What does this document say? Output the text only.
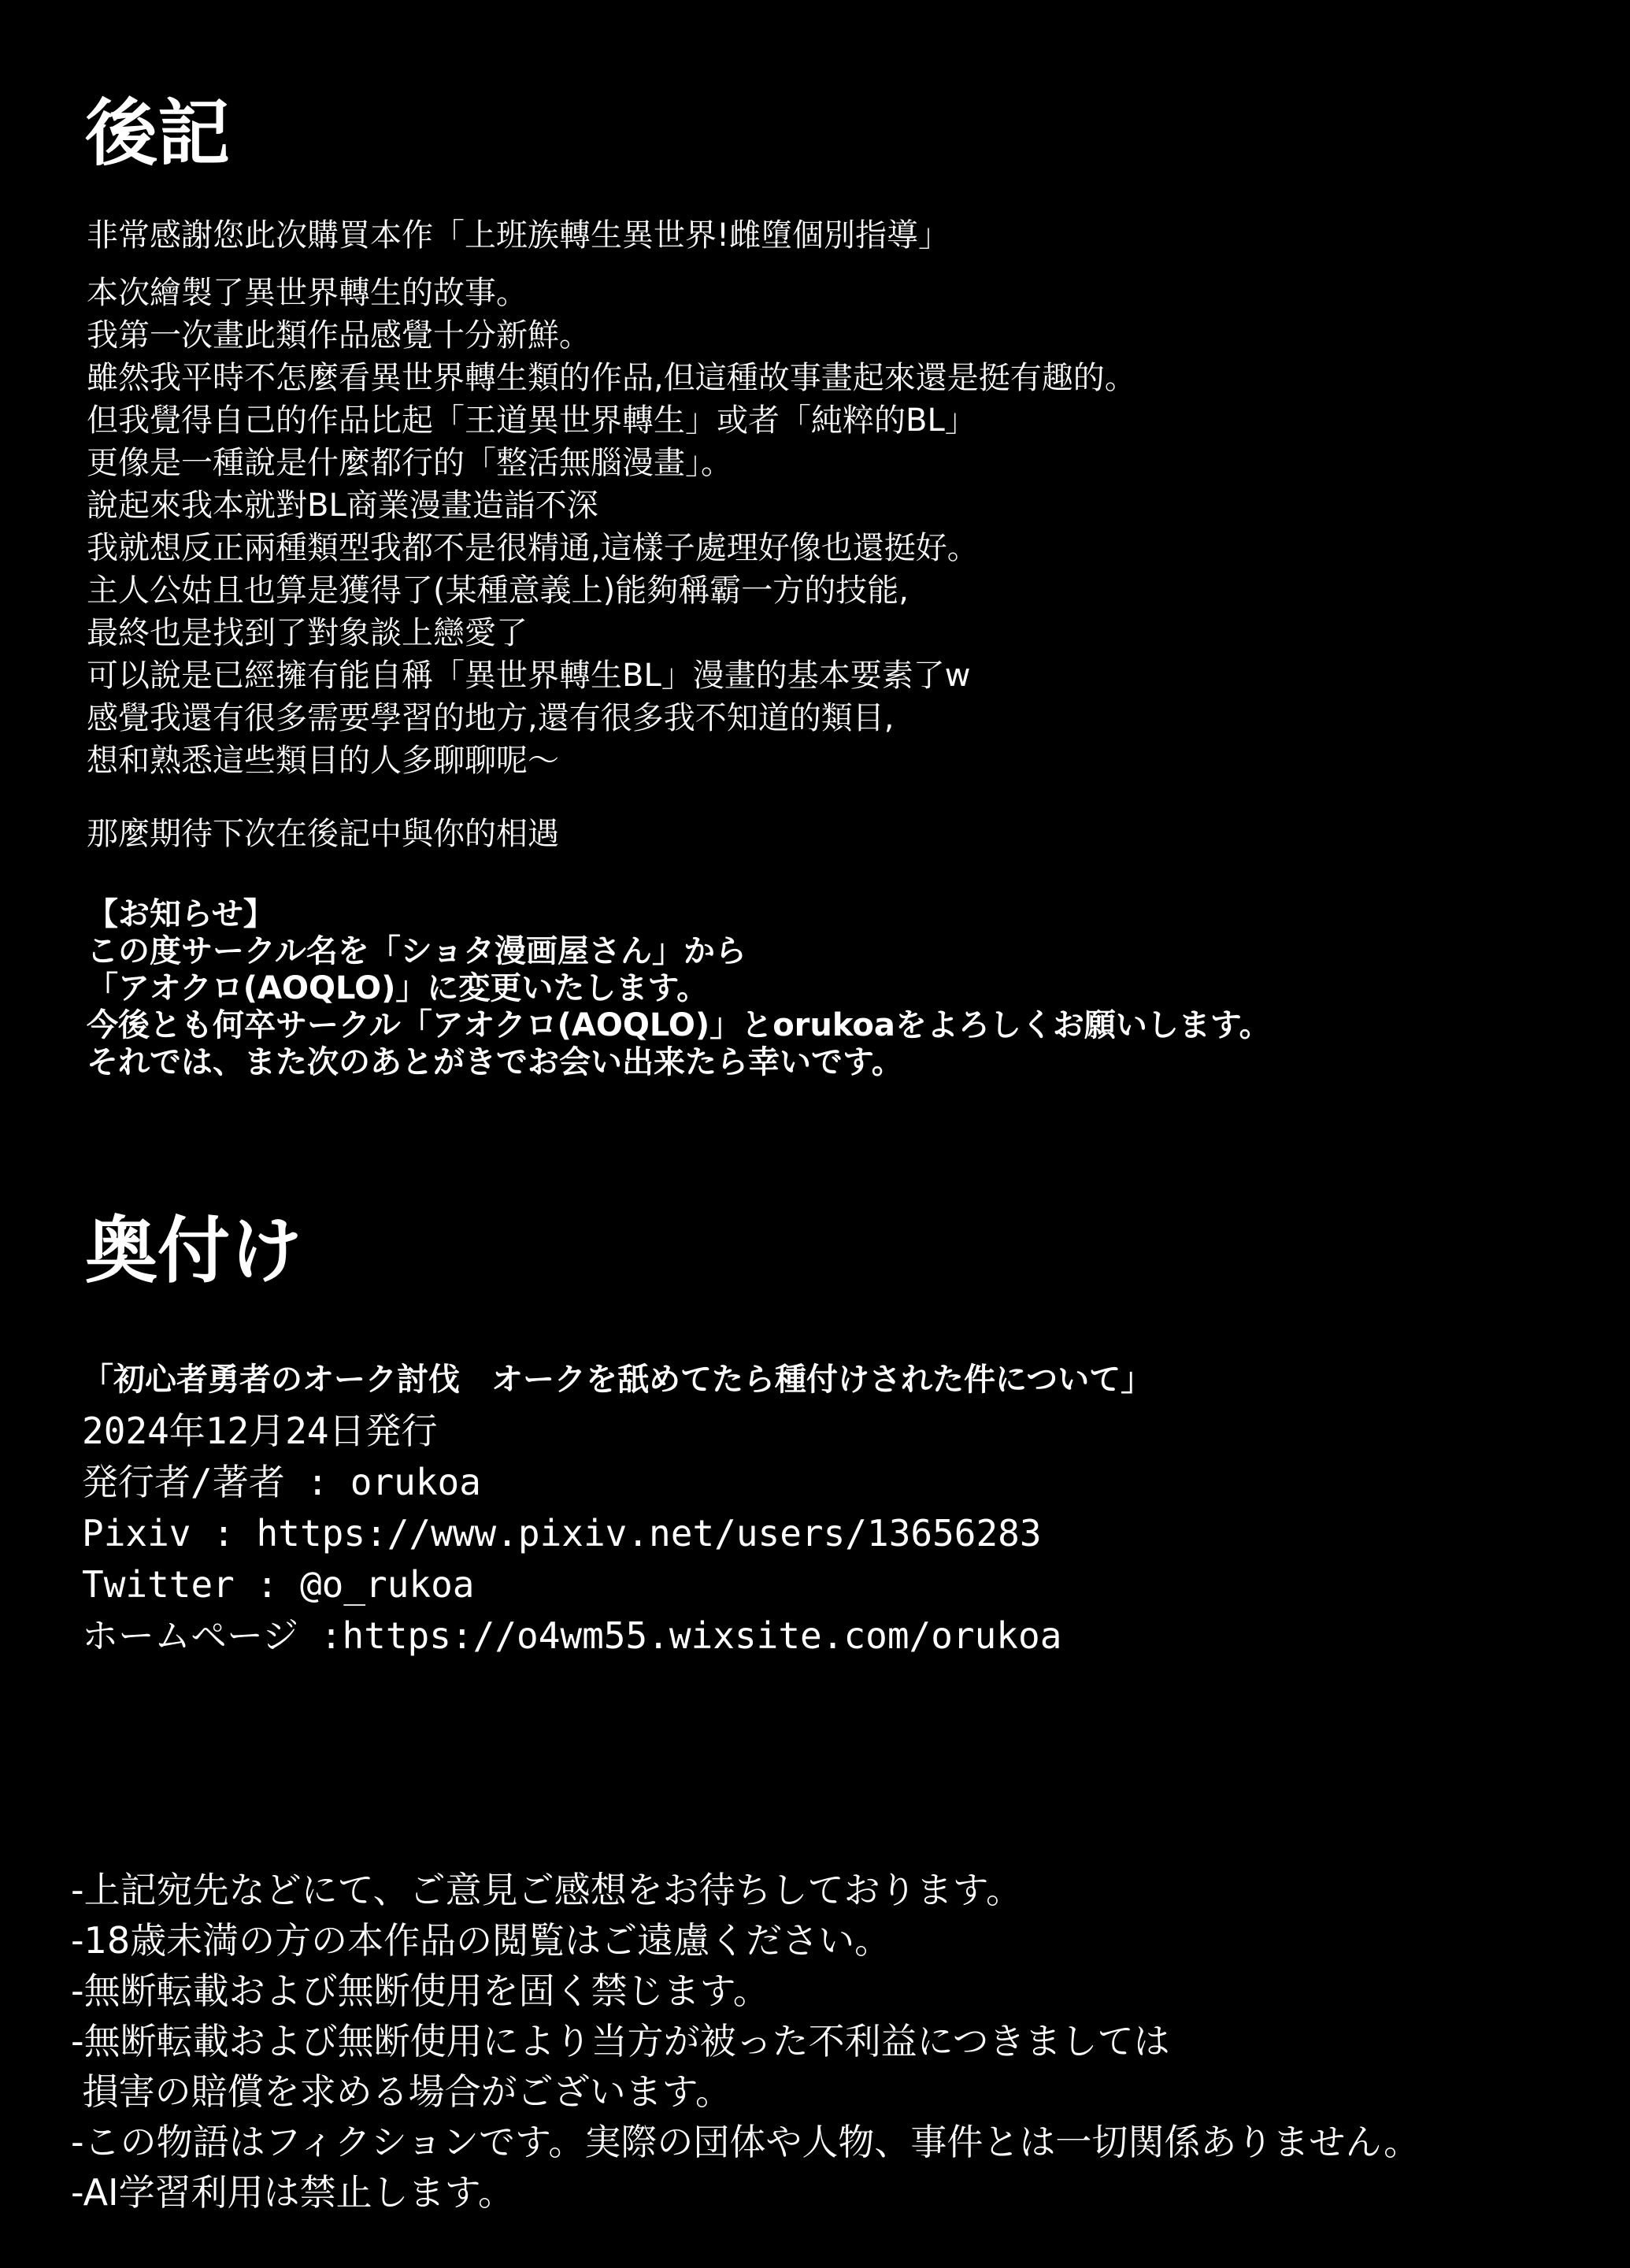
後記
非常感謝您此次購買本作「上班族轉生異世界!雌墮個別指導」
本次繪製了異世界轉生的故事。
我第一次畫此類作品感覺十分新鮮。
雖然我平時不怎麼看異世界轉生類的作品,但這種故事畫起來還是挺有趣的。
但我覺得自己的作品比起「王道異世界轉生」或者「純粹的BL」
更像是一種說是什麼都行的「整活無腦漫畫」。
說起來我本就對BL商業漫畫造詣不深
我就想反正兩種類型我都不是很精通,這樣子處理好像也還挺好。
主人公姑且也算是獲得了(某種意義上)能夠稱霸一方的技能,
最終也是找到了對象談上戀愛了
可以說是已經擁有能自稱「異世界轉生BL」漫畫的基本要素了w
感覺我還有很多需要學習的地方,還有很多我不知道的類目,
想和熟悉這些類目的人多聊聊呢～
那麼期待下次在後記中與你的相遇
【お知らせ】
この度サークル名を「ショタ漫画屋さん」から
「アオクロ(AOQLO)」に変更いたします。
今後とも何卒サークル「アオクロ(AOQLO)」とorukoaをよろしくお願いします。
それでは、また次のあとがきでお会い出来たら幸いです。
奥付け
「初心者勇者のオーク討伐　オークを舐めてたら種付けされた件について」
2024年12月24日発行
発行者/著者 : orukoa
Pixiv : https://www.pixiv.net/users/13656283
Twitter : @o_rukoa
ホームページ :https://o4wm55.wixsite.com/orukoa
-上記宛先などにて、ご意見ご感想をお待ちしております。
-18歳未満の方の本作品の閲覧はご遠慮ください。
-無断転載および無断使用を固く禁じます。
-無断転載および無断使用により当方が被った不利益につきましては
損害の賠償を求める場合がございます。
-この物語はフィクションです。実際の団体や人物、事件とは一切関係ありません。
-AI学習利用は禁止します。
